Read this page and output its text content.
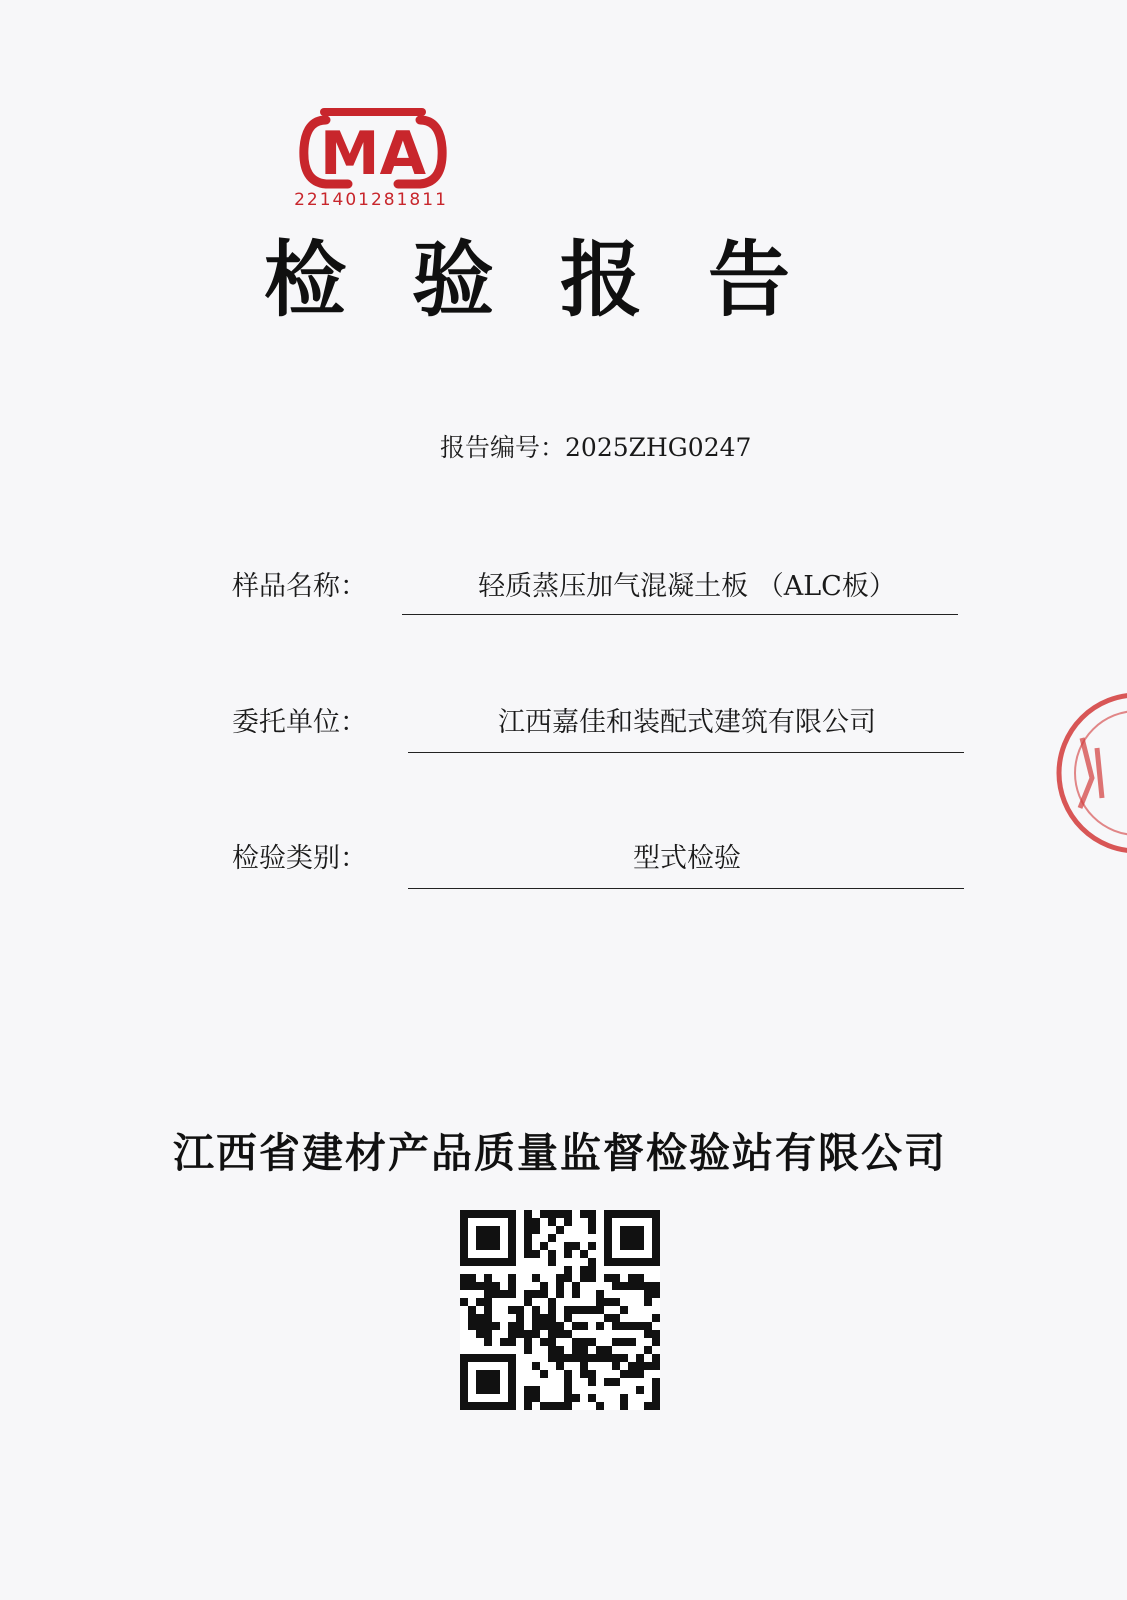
MA
221401281811
检验报告
报告编号：2025ZHG0247
样品名称：	轻质蒸压加气混凝土板 （ALC板）
委托单位：	江西嘉佳和装配式建筑有限公司
检验类别：	型式检验
江西省建材产品质量监督检验站有限公司
